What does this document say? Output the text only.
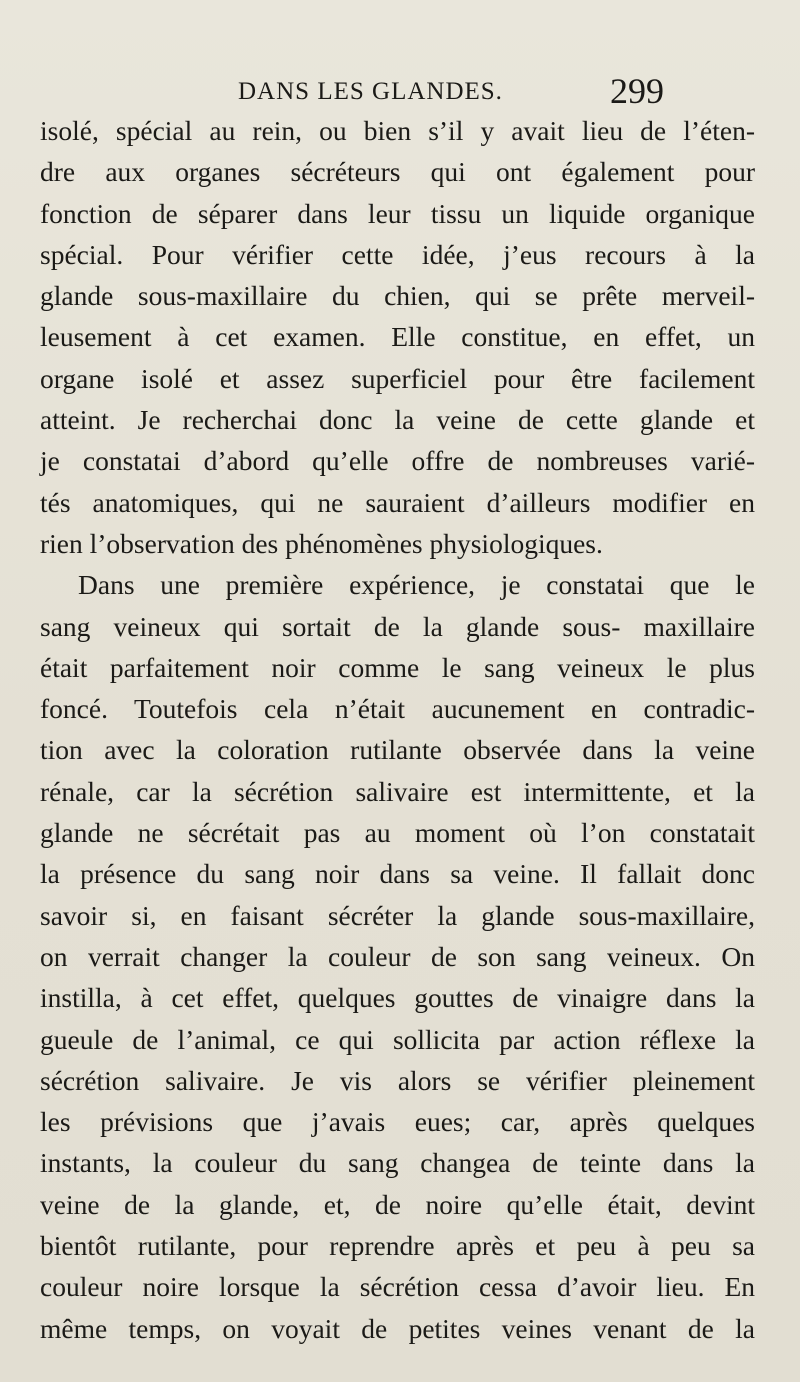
DANS LES GLANDES.	299
isolé, spécial au rein, ou bien s’il y avait lieu de l’éten-
dre aux organes sécréteurs qui ont également pour
fonction de séparer dans leur tissu un liquide organique
spécial. Pour vérifier cette idée, j’eus recours à la
glande sous-maxillaire du chien, qui se prête merveil-
leusement à cet examen. Elle constitue, en effet, un
organe isolé et assez superficiel pour être facilement
atteint. Je recherchai donc la veine de cette glande et
je constatai d’abord qu’elle offre de nombreuses varié-
tés anatomiques, qui ne sauraient d’ailleurs modifier en
rien l’observation des phénomènes physiologiques.
Dans une première expérience, je constatai que le
sang veineux qui sortait de la glande sous- maxillaire
était parfaitement noir comme le sang veineux le plus
foncé. Toutefois cela n’était aucunement en contradic-
tion avec la coloration rutilante observée dans la veine
rénale, car la sécrétion salivaire est intermittente, et la
glande ne sécrétait pas au moment où l’on constatait
la présence du sang noir dans sa veine. Il fallait donc
savoir si, en faisant sécréter la glande sous-maxillaire,
on verrait changer la couleur de son sang veineux. On
instilla, à cet effet, quelques gouttes de vinaigre dans la
gueule de l’animal, ce qui sollicita par action réflexe la
sécrétion salivaire. Je vis alors se vérifier pleinement
les prévisions que j’avais eues; car, après quelques
instants, la couleur du sang changea de teinte dans la
veine de la glande, et, de noire qu’elle était, devint
bientôt rutilante, pour reprendre après et peu à peu sa
couleur noire lorsque la sécrétion cessa d’avoir lieu. En
même temps, on voyait de petites veines venant de la
